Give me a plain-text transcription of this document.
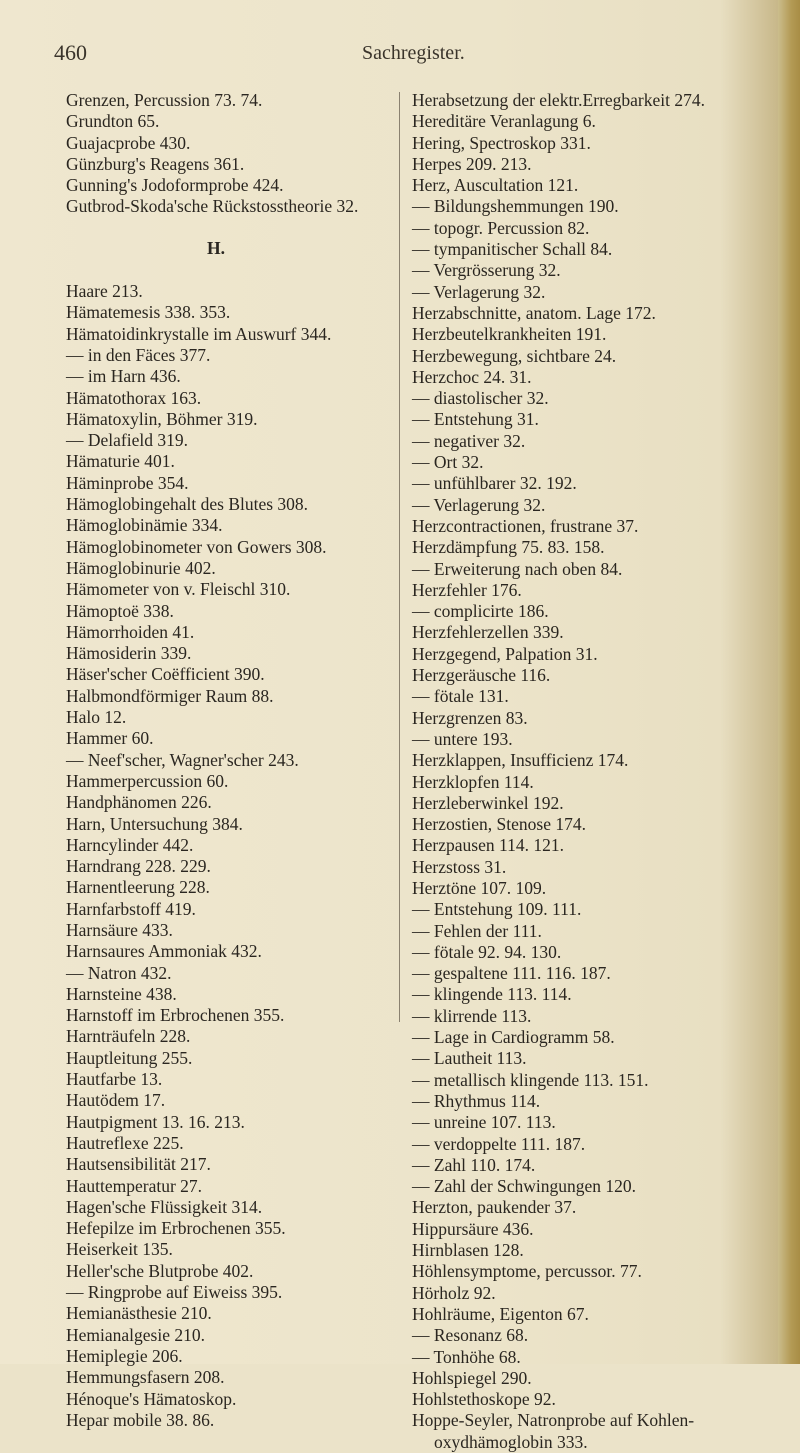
460	Sachregister.
Grenzen, Percussion 73. 74.
Grundton 65.
Guajacprobe 430.
Günzburg's Reagens 361.
Gunning's Jodoformprobe 424.
Gutbrod-Skoda'sche Rückstosstheorie 32.
H.
Haare 213.
Hämatemesis 338. 353.
Hämatoidinkrystalle im Auswurf 344.
— in den Fäces 377.
— im Harn 436.
Hämatothorax 163.
Hämatoxylin, Böhmer 319.
— Delafield 319.
Hämaturie 401.
Häminprobe 354.
Hämoglobingehalt des Blutes 308.
Hämoglobinämie 334.
Hämoglobinometer von Gowers 308.
Hämoglobinurie 402.
Hämometer von v. Fleischl 310.
Hämoptoë 338.
Hämorrhoiden 41.
Hämosiderin 339.
Häser'scher Coëfficient 390.
Halbmondförmiger Raum 88.
Halo 12.
Hammer 60.
— Neef'scher, Wagner'scher 243.
Hammerpercussion 60.
Handphänomen 226.
Harn, Untersuchung 384.
Harncylinder 442.
Harndrang 228. 229.
Harnentleerung 228.
Harnfarbstoff 419.
Harnsäure 433.
Harnsaures Ammoniak 432.
— Natron 432.
Harnsteine 438.
Harnstoff im Erbrochenen 355.
Harnträufeln 228.
Hauptleitung 255.
Hautfarbe 13.
Hautödem 17.
Hautpigment 13. 16. 213.
Hautreflexe 225.
Hautsensibilität 217.
Hauttemperatur 27.
Hagen'sche Flüssigkeit 314.
Hefepilze im Erbrochenen 355.
Heiserkeit 135.
Heller'sche Blutprobe 402.
— Ringprobe auf Eiweiss 395.
Hemianästhesie 210.
Hemianalgesie 210.
Hemiplegie 206.
Hemmungsfasern 208.
Hénoque's Hämatoskop.
Hepar mobile 38. 86.
Herabsetzung der elektr.Erregbarkeit 274.
Hereditäre Veranlagung 6.
Hering, Spectroskop 331.
Herpes 209. 213.
Herz, Auscultation 121.
— Bildungshemmungen 190.
— topogr. Percussion 82.
— tympanitischer Schall 84.
— Vergrösserung 32.
— Verlagerung 32.
Herzabschnitte, anatom. Lage 172.
Herzbeutelkrankheiten 191.
Herzbewegung, sichtbare 24.
Herzchoc 24. 31.
— diastolischer 32.
— Entstehung 31.
— negativer 32.
— Ort 32.
— unfühlbarer 32. 192.
— Verlagerung 32.
Herzcontractionen, frustrane 37.
Herzdämpfung 75. 83. 158.
— Erweiterung nach oben 84.
Herzfehler 176.
— complicirte 186.
Herzfehlerzellen 339.
Herzgegend, Palpation 31.
Herzgeräusche 116.
— fötale 131.
Herzgrenzen 83.
— untere 193.
Herzklappen, Insufficienz 174.
Herzklopfen 114.
Herzleberwinkel 192.
Herzostien, Stenose 174.
Herzpausen 114. 121.
Herzstoss 31.
Herztöne 107. 109.
— Entstehung 109. 111.
— Fehlen der 111.
— fötale 92. 94. 130.
— gespaltene 111. 116. 187.
— klingende 113. 114.
— klirrende 113.
— Lage in Cardiogramm 58.
— Lautheit 113.
— metallisch klingende 113. 151.
— Rhythmus 114.
— unreine 107. 113.
— verdoppelte 111. 187.
— Zahl 110. 174.
— Zahl der Schwingungen 120.
Herzton, paukender 37.
Hippursäure 436.
Hirnblasen 128.
Höhlensymptome, percussor. 77.
Hörholz 92.
Hohlräume, Eigenton 67.
— Resonanz 68.
— Tonhöhe 68.
Hohlspiegel 290.
Hohlstethoskope 92.
Hoppe-Seyler, Natronprobe auf Kohlen-
oxydhämoglobin 333.
